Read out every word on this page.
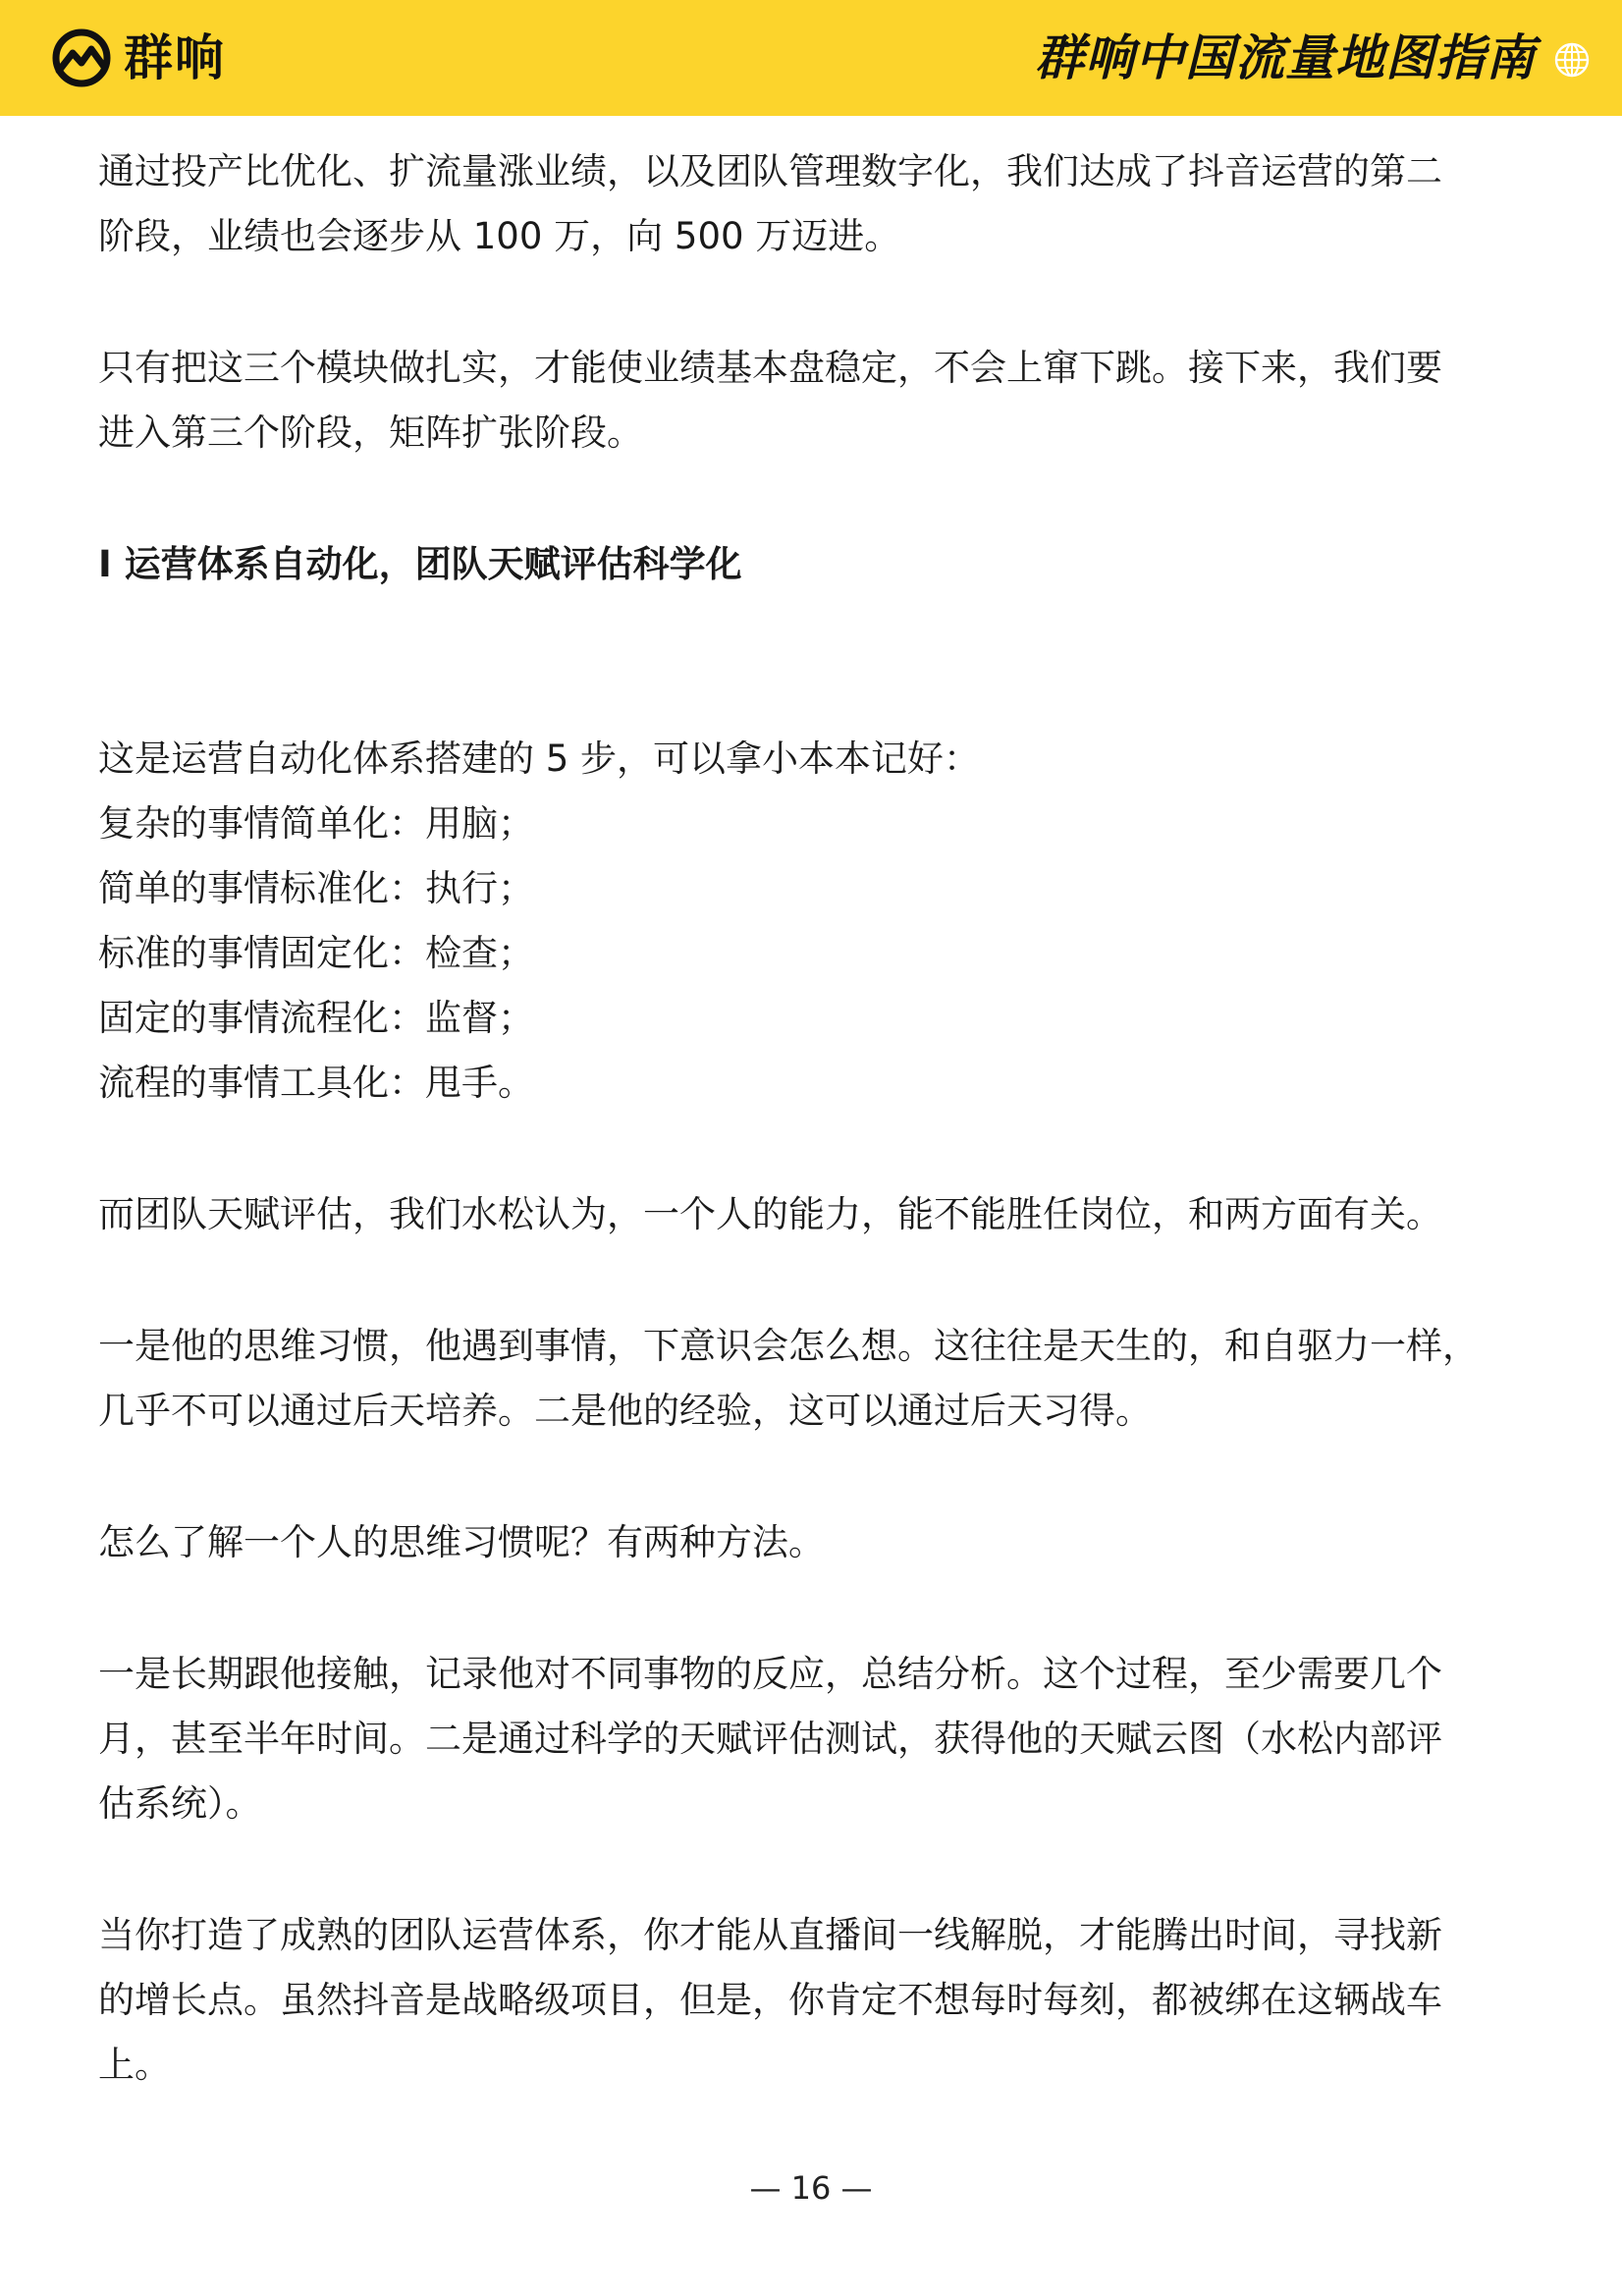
群响	群响中国流量地图指南

通过投产比优化、扩流量涨业绩，以及团队管理数字化，我们达成了抖音运营的第二

阶段，业绩也会逐步从 100 万，向 500 万迈进。

只有把这三个模块做扎实，才能使业绩基本盘稳定，不会上窜下跳。接下来，我们要

进入第三个阶段，矩阵扩张阶段。

I 运营体系自动化，团队天赋评估科学化

这是运营自动化体系搭建的 5 步，可以拿小本本记好：

复杂的事情简单化：用脑；

简单的事情标准化：执行；

标准的事情固定化：检查；

固定的事情流程化：监督；

流程的事情工具化：甩手。

而团队天赋评估，我们水松认为，一个人的能力，能不能胜任岗位，和两方面有关。

一是他的思维习惯，他遇到事情，下意识会怎么想。这往往是天生的，和自驱力一样，

几乎不可以通过后天培养。二是他的经验，这可以通过后天习得。

怎么了解一个人的思维习惯呢？有两种方法。

一是长期跟他接触，记录他对不同事物的反应，总结分析。这个过程，至少需要几个

月，甚至半年时间。二是通过科学的天赋评估测试，获得他的天赋云图（水松内部评

估系统）。

当你打造了成熟的团队运营体系，你才能从直播间一线解脱，才能腾出时间，寻找新

的增长点。虽然抖音是战略级项目，但是，你肯定不想每时每刻，都被绑在这辆战车

上。

— 16 —
